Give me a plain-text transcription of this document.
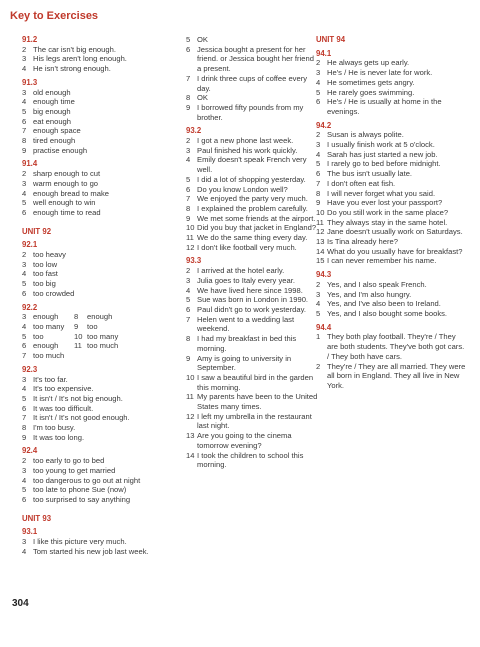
Key to Exercises
91.2
2 The car isn't big enough.
3 His legs aren't long enough.
4 He isn't strong enough.
91.3
3 old enough
4 enough time
5 big enough
6 eat enough
7 enough space
8 tired enough
9 practise enough
91.4
2 sharp enough to cut
3 warm enough to go
4 enough bread to make
5 well enough to win
6 enough time to read
UNIT 92
92.1
2 too heavy
3 too low
4 too fast
5 too big
6 too crowded
92.2
3 enough	8	enough
4 too many	9	too
5 too	10 too many
6 enough	11 too much
7 too much
92.3
3 It's too far.
4 It's too expensive.
5 It isn't / It's not big enough.
6 It was too difficult.
7 It isn't / It's not good enough.
8 I'm too busy.
9 It was too long.
92.4
2 too early to go to bed
3 too young to get married
4 too dangerous to go out at night
5 too late to phone Sue (now)
6 too surprised to say anything
UNIT 93
93.1
3 I like this picture very much.
4 Tom started his new job last week.
5 OK
6 Jessica bought a present for her friend. or Jessica bought her friend a present.
7 I drink three cups of coffee every day.
8 OK
9 I borrowed fifty pounds from my brother.
93.2
2 I got a new phone last week.
3 Paul finished his work quickly.
4 Emily doesn't speak French very well.
5 I did a lot of shopping yesterday.
6 Do you know London well?
7 We enjoyed the party very much.
8 I explained the problem carefully.
9 We met some friends at the airport.
10 Did you buy that jacket in England?
11 We do the same thing every day.
12 I don't like football very much.
93.3
2 I arrived at the hotel early.
3 Julia goes to Italy every year.
4 We have lived here since 1998.
5 Sue was born in London in 1990.
6 Paul didn't go to work yesterday.
7 Helen went to a wedding last weekend.
8 I had my breakfast in bed this morning.
9 Amy is going to university in September.
10 I saw a beautiful bird in the garden this morning.
11 My parents have been to the United States many times.
12 I left my umbrella in the restaurant last night.
13 Are you going to the cinema tomorrow evening?
14 I took the children to school this morning.
UNIT 94
94.1
2 He always gets up early.
3 He's / He is never late for work.
4 He sometimes gets angry.
5 He rarely goes swimming.
6 He's / He is usually at home in the evenings.
94.2
2 Susan is always polite.
3 I usually finish work at 5 o'clock.
4 Sarah has just started a new job.
5 I rarely go to bed before midnight.
6 The bus isn't usually late.
7 I don't often eat fish.
8 I will never forget what you said.
9 Have you ever lost your passport?
10 Do you still work in the same place?
11 They always stay in the same hotel.
12 Jane doesn't usually work on Saturdays.
13 Is Tina already here?
14 What do you usually have for breakfast?
15 I can never remember his name.
94.3
2 Yes, and I also speak French.
3 Yes, and I'm also hungry.
4 Yes, and I've also been to Ireland.
5 Yes, and I also bought some books.
94.4
1 They both play football. They're / They are both students. They've both got cars. / They both have cars.
2 They're / They are all married. They were all born in England. They all live in New York.
304
